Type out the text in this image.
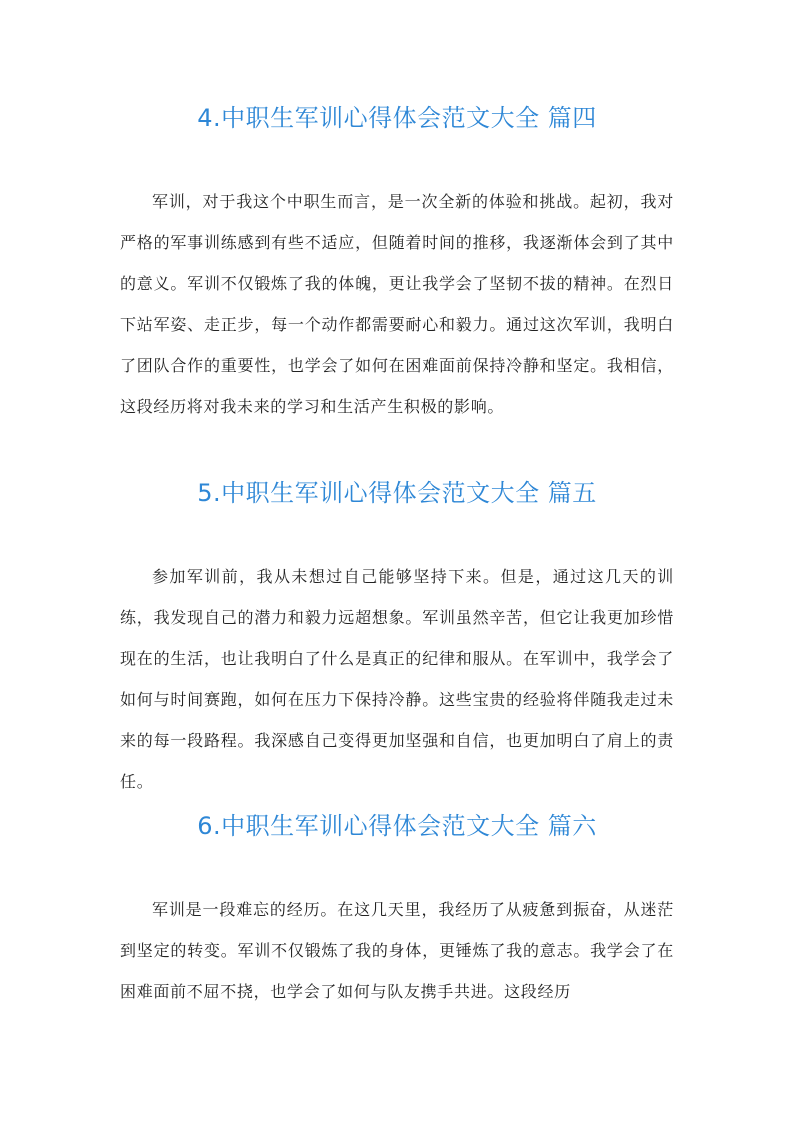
4.中职生军训心得体会范文大全 篇四

军训，对于我这个中职生而言，是一次全新的体验和挑战。起初，我对严格的军事训练感到有些不适应，但随着时间的推移，我逐渐体会到了其中的意义。军训不仅锻炼了我的体魄，更让我学会了坚韧不拔的精神。在烈日下站军姿、走正步，每一个动作都需要耐心和毅力。通过这次军训，我明白了团队合作的重要性，也学会了如何在困难面前保持冷静和坚定。我相信，这段经历将对我未来的学习和生活产生积极的影响。

5.中职生军训心得体会范文大全 篇五

参加军训前，我从未想过自己能够坚持下来。但是，通过这几天的训练，我发现自己的潜力和毅力远超想象。军训虽然辛苦，但它让我更加珍惜现在的生活，也让我明白了什么是真正的纪律和服从。在军训中，我学会了如何与时间赛跑，如何在压力下保持冷静。这些宝贵的经验将伴随我走过未来的每一段路程。我深感自己变得更加坚强和自信，也更加明白了肩上的责任。

6.中职生军训心得体会范文大全 篇六

军训是一段难忘的经历。在这几天里，我经历了从疲惫到振奋，从迷茫到坚定的转变。军训不仅锻炼了我的身体，更锤炼了我的意志。我学会了在困难面前不屈不挠，也学会了如何与队友携手共进。这段经历
